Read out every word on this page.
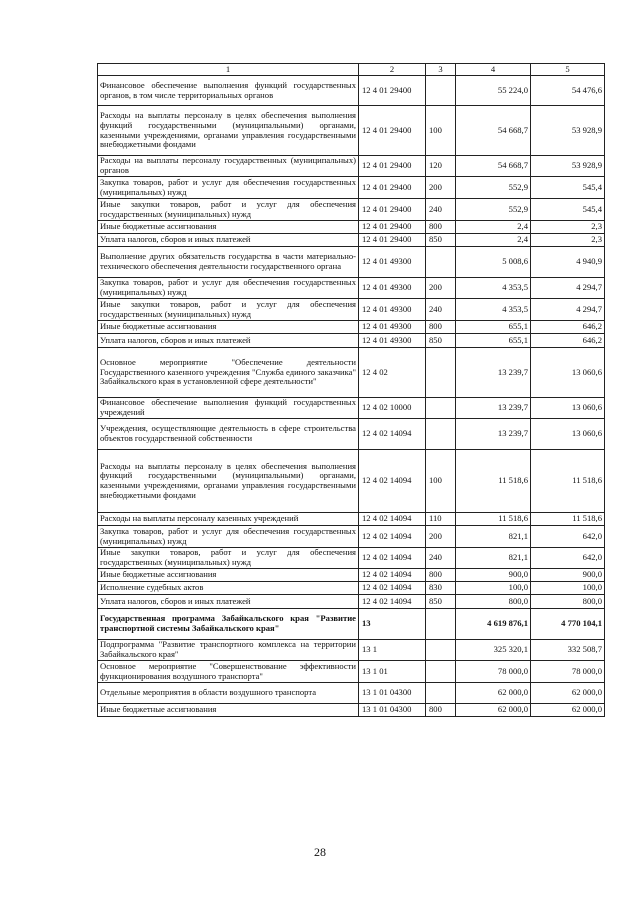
1	2	3	4	5
Финансовое обеспечение выполнения функций государственных органов, в том числе территориальных органов	12 4 01 29400		55 224,0	54 476,6
Расходы на выплаты персоналу в целях обеспечения выполнения функций государственными (муниципальными) органами, казенными учреждениями, органами управления государственными внебюджетными фондами	12 4 01 29400	100	54 668,7	53 928,9
Расходы на выплаты персоналу государственных (муниципальных) органов	12 4 01 29400	120	54 668,7	53 928,9
Закупка товаров, работ и услуг для обеспечения государственных (муниципальных) нужд	12 4 01 29400	200	552,9	545,4
Иные закупки товаров, работ и услуг для обеспечения государственных (муниципальных) нужд	12 4 01 29400	240	552,9	545,4
Иные бюджетные ассигнования	12 4 01 29400	800	2,4	2,3
Уплата налогов, сборов и иных платежей	12 4 01 29400	850	2,4	2,3
Выполнение других обязательств государства в части материально-технического обеспечения деятельности государственного органа	12 4 01 49300		5 008,6	4 940,9
Закупка товаров, работ и услуг для обеспечения государственных (муниципальных) нужд	12 4 01 49300	200	4 353,5	4 294,7
Иные закупки товаров, работ и услуг для обеспечения государственных (муниципальных) нужд	12 4 01 49300	240	4 353,5	4 294,7
Иные бюджетные ассигнования	12 4 01 49300	800	655,1	646,2
Уплата налогов, сборов и иных платежей	12 4 01 49300	850	655,1	646,2
Основное мероприятие "Обеспечение деятельности Государственного казенного учреждения "Служба единого заказчика" Забайкальского края в установленной сфере деятельности"	12 4 02		13 239,7	13 060,6
Финансовое обеспечение выполнения функций государственных учреждений	12 4 02 10000		13 239,7	13 060,6
Учреждения, осуществляющие деятельность в сфере строительства объектов государственной собственности	12 4 02 14094		13 239,7	13 060,6
Расходы на выплаты персоналу в целях обеспечения выполнения функций государственными (муниципальными) органами, казенными учреждениями, органами управления государственными внебюджетными фондами	12 4 02 14094	100	11 518,6	11 518,6
Расходы на выплаты персоналу казенных учреждений	12 4 02 14094	110	11 518,6	11 518,6
Закупка товаров, работ и услуг для обеспечения государственных (муниципальных) нужд	12 4 02 14094	200	821,1	642,0
Иные закупки товаров, работ и услуг для обеспечения государственных (муниципальных) нужд	12 4 02 14094	240	821,1	642,0
Иные бюджетные ассигнования	12 4 02 14094	800	900,0	900,0
Исполнение судебных актов	12 4 02 14094	830	100,0	100,0
Уплата налогов, сборов и иных платежей	12 4 02 14094	850	800,0	800,0
Государственная программа Забайкальского края "Развитие транспортной системы Забайкальского края"	13		4 619 876,1	4 770 104,1
Подпрограмма "Развитие транспортного комплекса на территории Забайкальского края"	13 1		325 320,1	332 508,7
Основное мероприятие "Совершенствование эффективности функционирования воздушного транспорта"	13 1 01		78 000,0	78 000,0
Отдельные мероприятия в области воздушного транспорта	13 1 01 04300		62 000,0	62 000,0
Иные бюджетные ассигнования	13 1 01 04300	800	62 000,0	62 000,0
28
